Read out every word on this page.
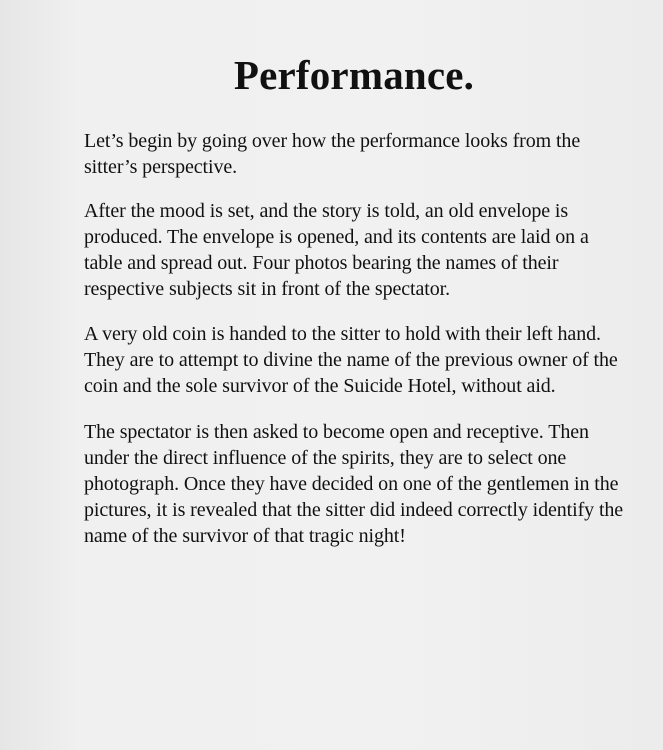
Performance.

Let’s begin by going over how the performance looks from the sitter’s perspective.

After the mood is set, and the story is told, an old envelope is produced. The envelope is opened, and its contents are laid on a table and spread out. Four photos bearing the names of their respective subjects sit in front of the spectator.

A very old coin is handed to the sitter to hold with their left hand. They are to attempt to divine the name of the previous owner of the coin and the sole survivor of the Suicide Hotel, without aid.

The spectator is then asked to become open and receptive. Then under the direct influence of the spirits, they are to select one photograph. Once they have decided on one of the gentlemen in the pictures, it is revealed that the sitter did indeed correctly identify the name of the survivor of that tragic night!
